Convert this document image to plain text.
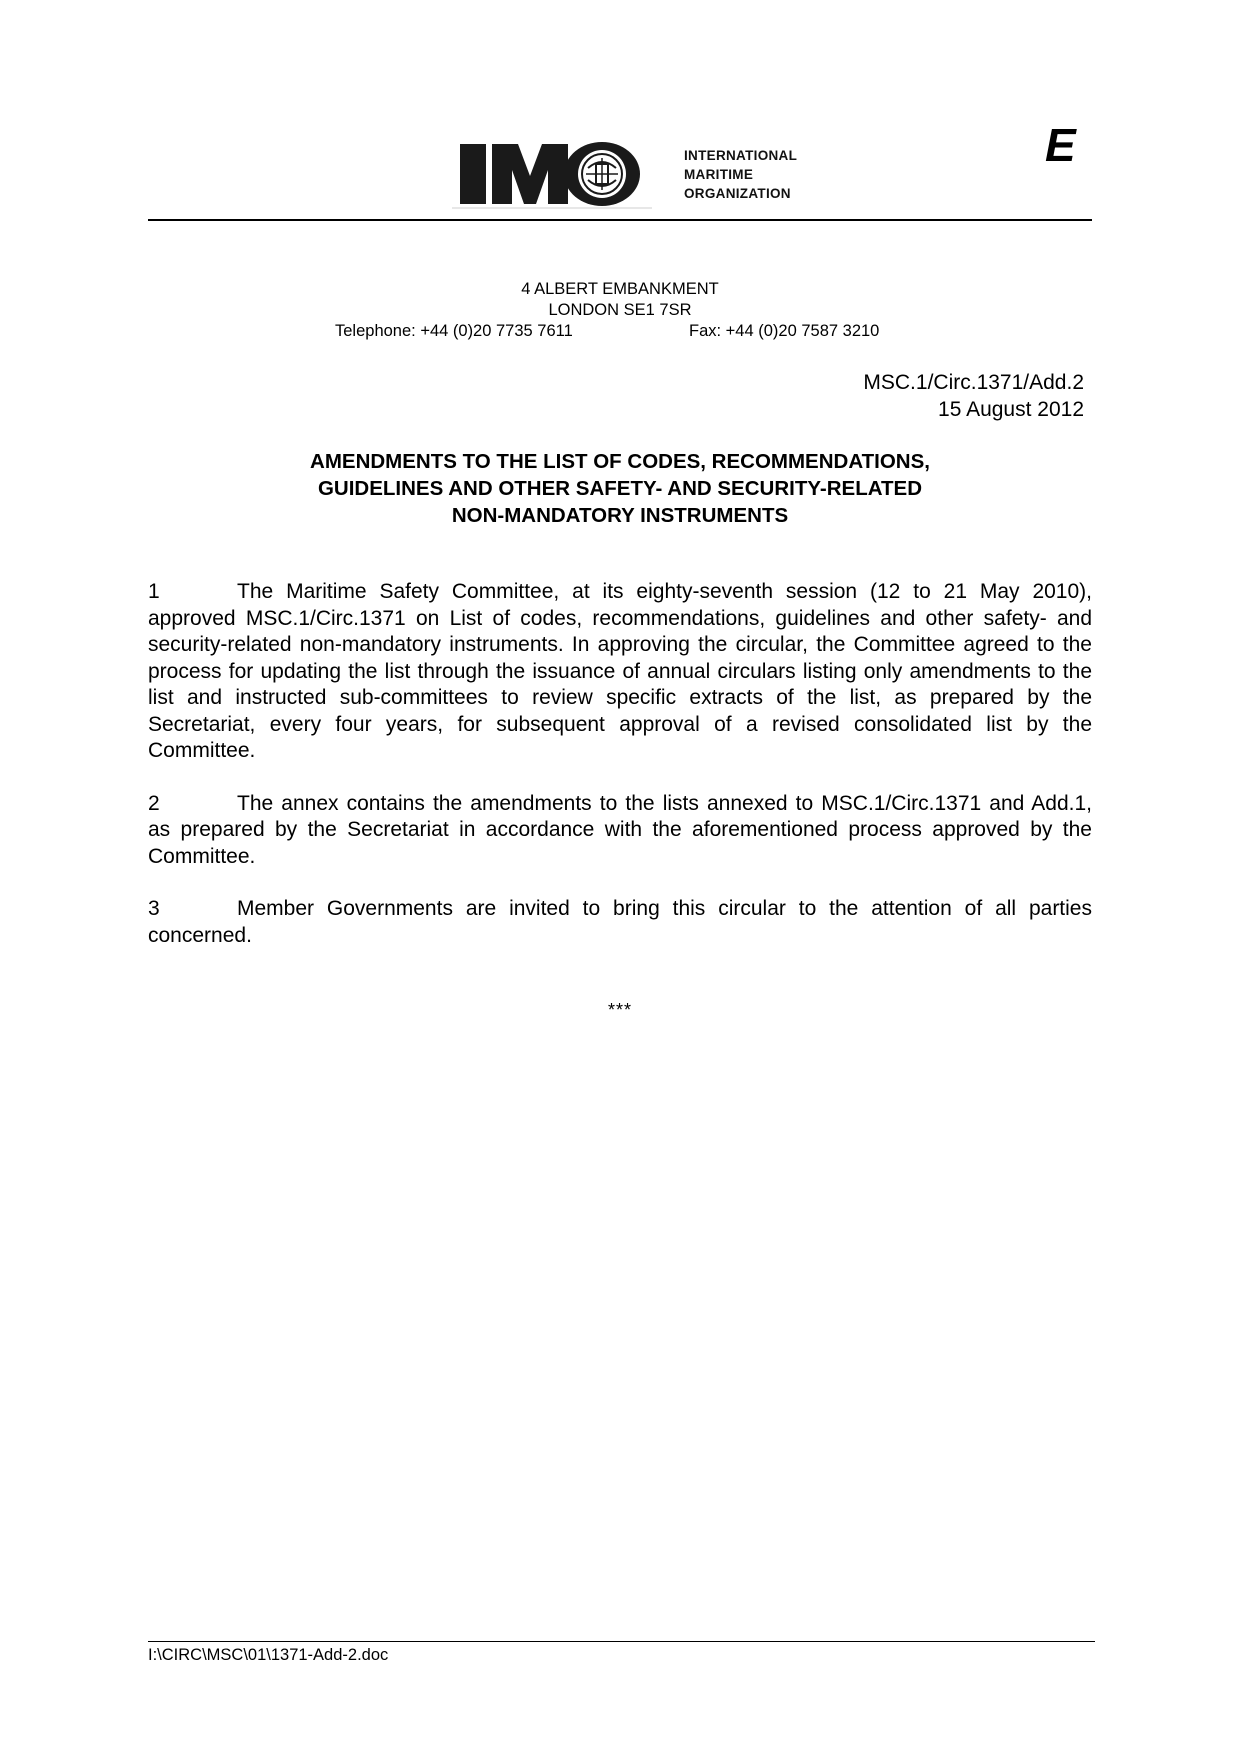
INTERNATIONAL
MARITIME
ORGANIZATION
E
4 ALBERT EMBANKMENT
LONDON SE1 7SR
Telephone: +44 (0)20 7735 7611	Fax: +44 (0)20 7587 3210
MSC.1/Circ.1371/Add.2
15 August 2012
AMENDMENTS TO THE LIST OF CODES, RECOMMENDATIONS,
GUIDELINES AND OTHER SAFETY- AND SECURITY-RELATED
NON-MANDATORY INSTRUMENTS

1	The Maritime Safety Committee, at its eighty-seventh session (12 to 21 May 2010), approved MSC.1/Circ.1371 on List of codes, recommendations, guidelines and other safety- and security-related non-mandatory instruments. In approving the circular, the Committee agreed to the process for updating the list through the issuance of annual circulars listing only amendments to the list and instructed sub-committees to review specific extracts of the list, as prepared by the Secretariat, every four years, for subsequent approval of a revised consolidated list by the Committee.

2	The annex contains the amendments to the lists annexed to MSC.1/Circ.1371 and Add.1, as prepared by the Secretariat in accordance with the aforementioned process approved by the Committee.

3	Member Governments are invited to bring this circular to the attention of all parties concerned.

***
I:\CIRC\MSC\01\1371-Add-2.doc
